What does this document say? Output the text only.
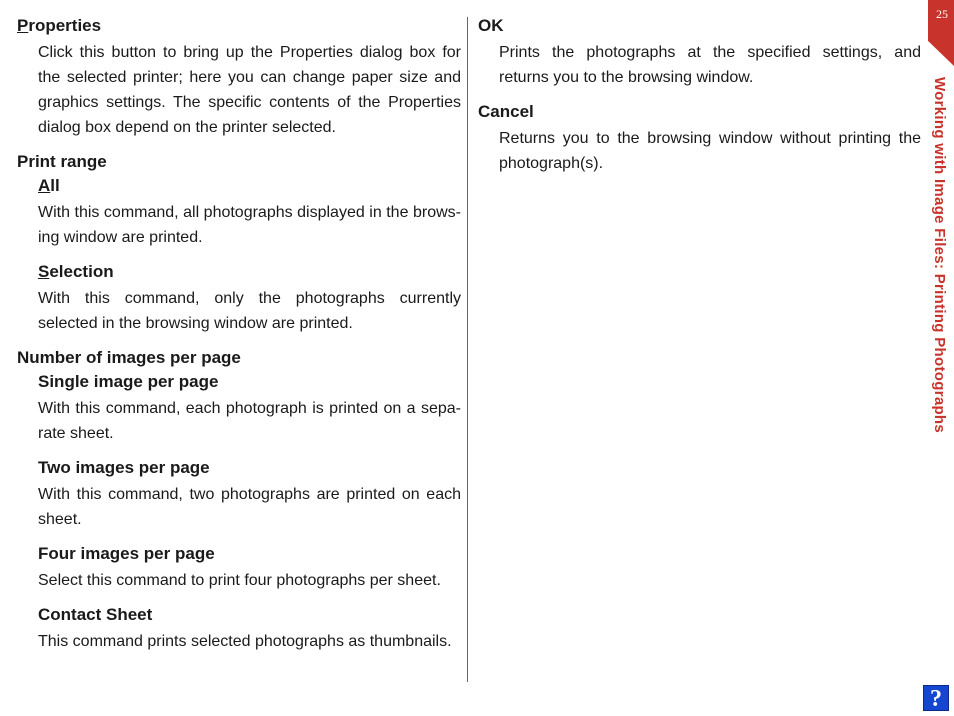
25
Working with Image Files: Printing Photographs
Properties
Click this button to bring up the Properties dialog box for the selected printer; here you can change paper size and graphics settings. The specific contents of the Properties dialog box depend on the printer selected.
Print range
All
With this command, all photographs displayed in the browsing window are printed.
Selection
With this command, only the photographs currently selected in the browsing window are printed.
Number of images per page
Single image per page
With this command, each photograph is printed on a separate sheet.
Two images per page
With this command, two photographs are printed on each sheet.
Four images per page
Select this command to print four photographs per sheet.
Contact Sheet
This command prints selected photographs as thumbnails.
OK
Prints the photographs at the specified settings, and returns you to the browsing window.
Cancel
Returns you to the browsing window without printing the photograph(s).
?
